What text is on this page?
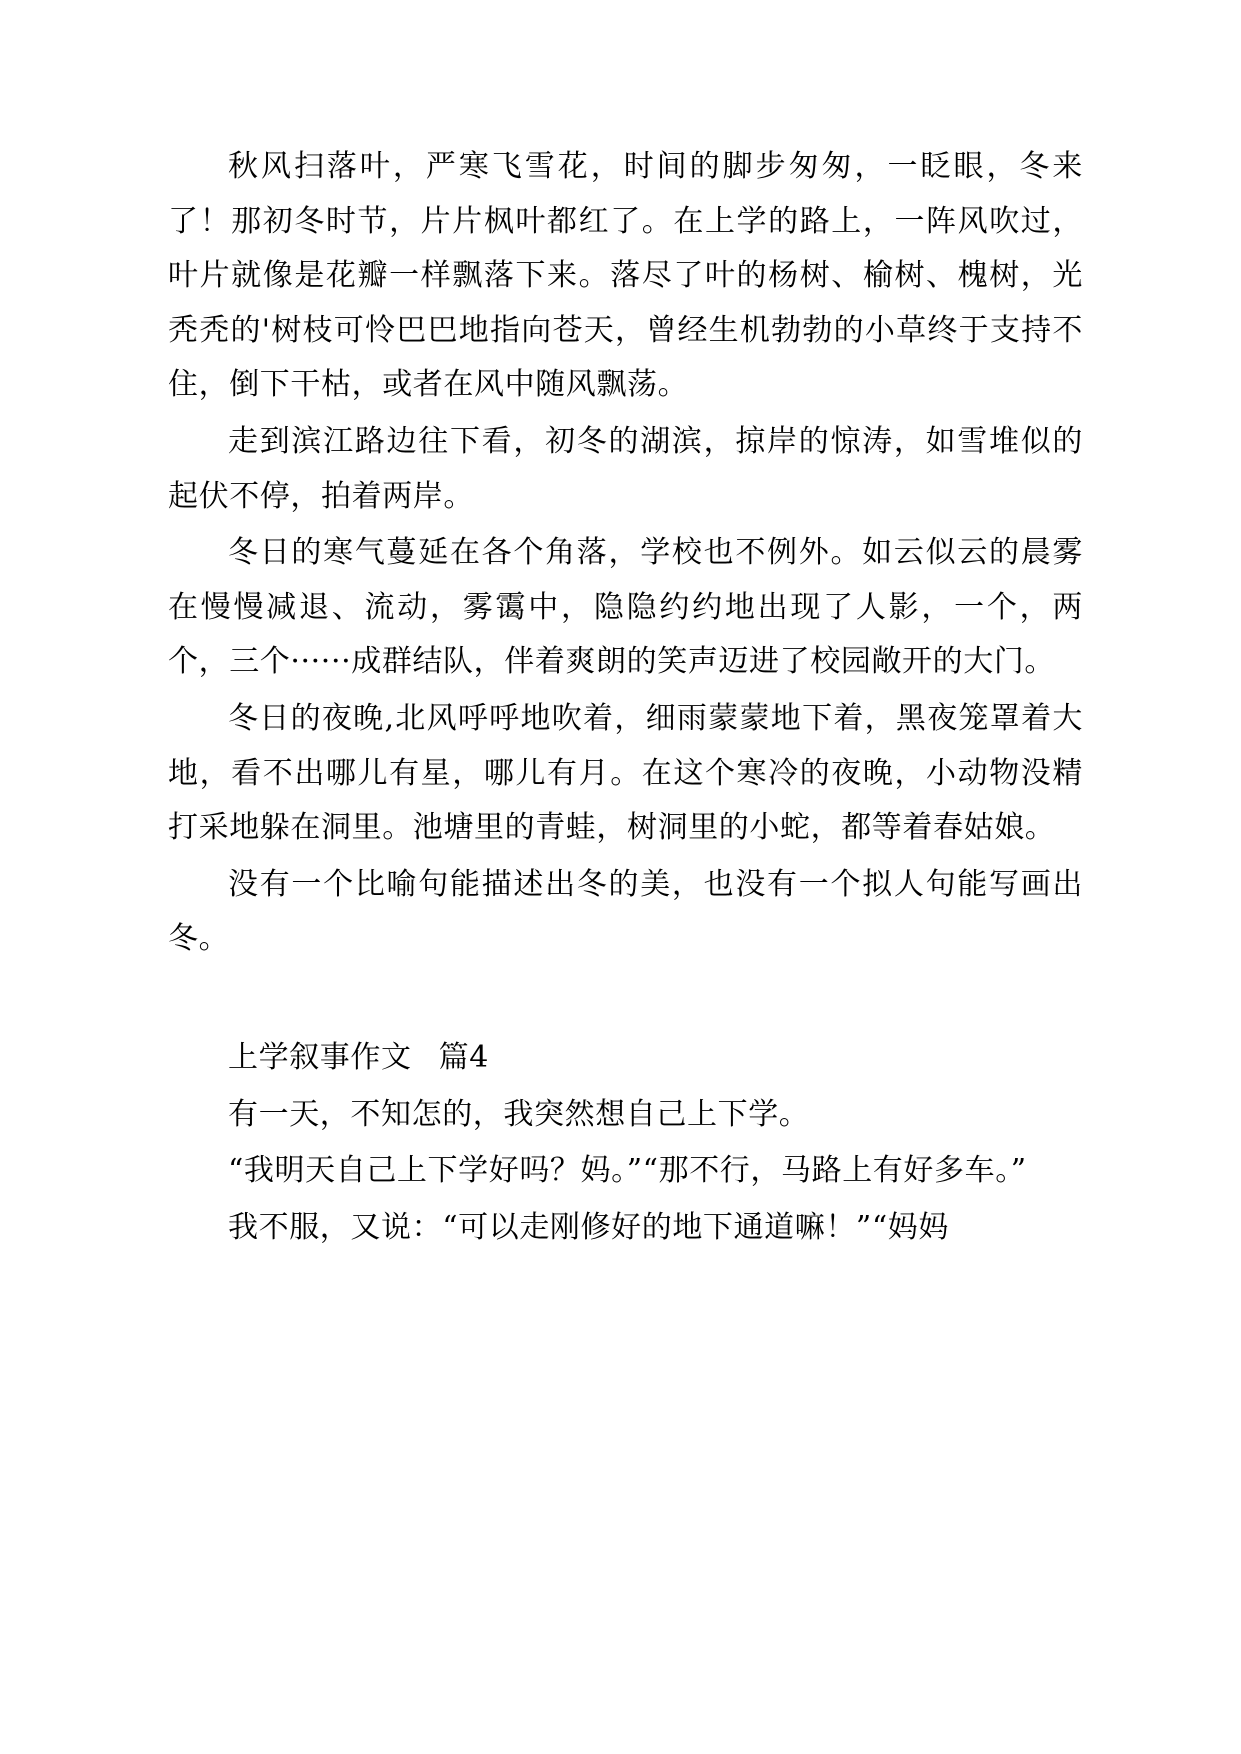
秋风扫落叶，严寒飞雪花，时间的脚步匆匆，一眨眼，冬来了！那初冬时节，片片枫叶都红了。在上学的路上，一阵风吹过，叶片就像是花瓣一样飘落下来。落尽了叶的杨树、榆树、槐树，光秃秃的'树枝可怜巴巴地指向苍天，曾经生机勃勃的小草终于支持不住，倒下干枯，或者在风中随风飘荡。

走到滨江路边往下看，初冬的湖滨，掠岸的惊涛，如雪堆似的起伏不停，拍着两岸。

冬日的寒气蔓延在各个角落，学校也不例外。如云似云的晨雾在慢慢减退、流动，雾霭中，隐隐约约地出现了人影，一个，两个，三个······成群结队，伴着爽朗的笑声迈进了校园敞开的大门。

冬日的夜晚,北风呼呼地吹着，细雨蒙蒙地下着，黑夜笼罩着大地，看不出哪儿有星，哪儿有月。在这个寒冷的夜晚，小动物没精打采地躲在洞里。池塘里的青蛙，树洞里的小蛇，都等着春姑娘。

没有一个比喻句能描述出冬的美，也没有一个拟人句能写画出冬。

上学叙事作文 篇4

有一天，不知怎的，我突然想自己上下学。

“我明天自己上下学好吗？妈。”“那不行，马路上有好多车。”

我不服，又说：“可以走刚修好的地下通道嘛！”“妈妈
